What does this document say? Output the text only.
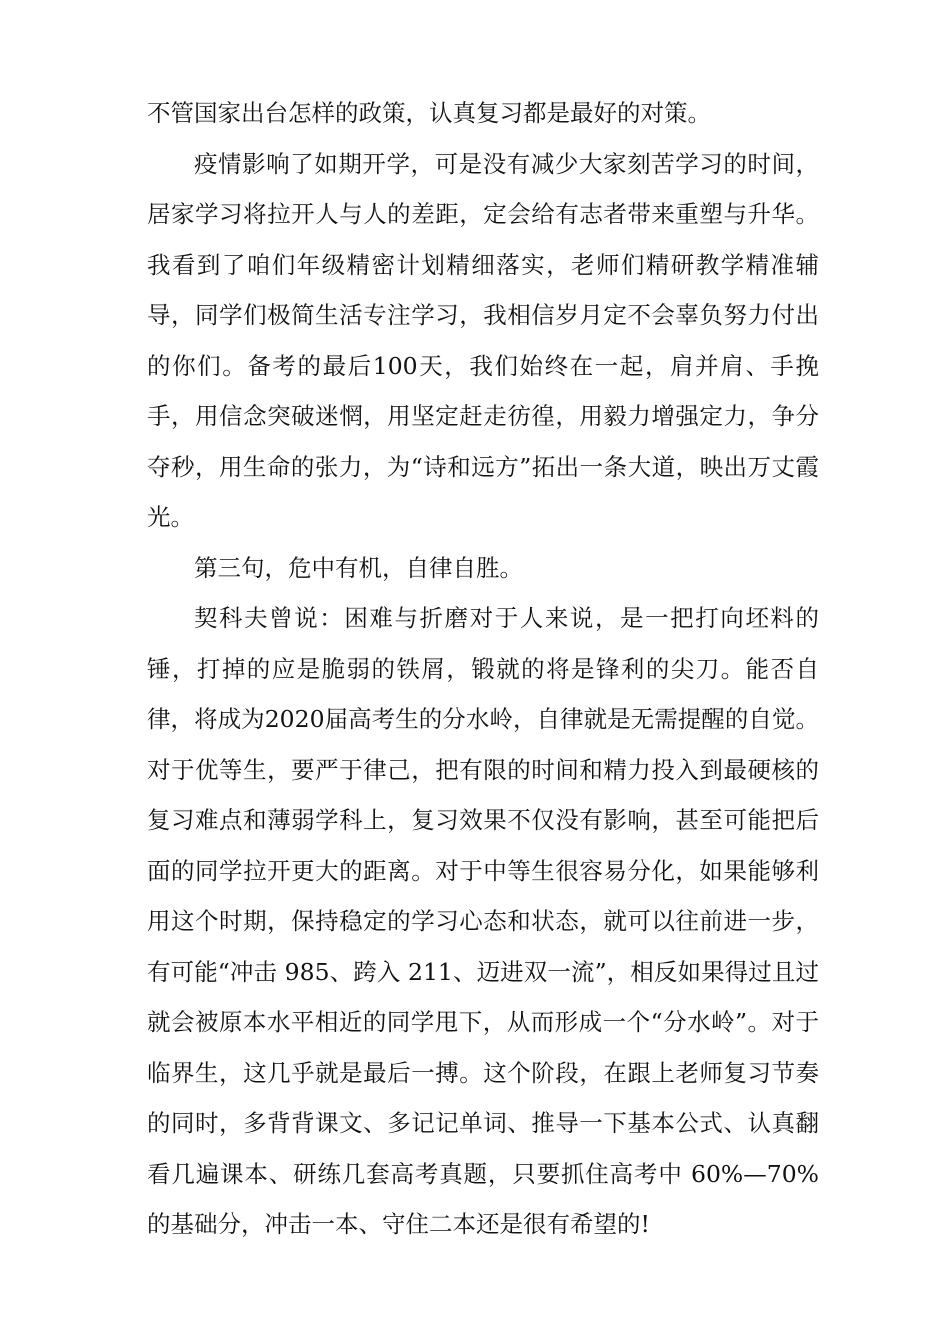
不管国家出台怎样的政策，认真复习都是最好的对策。

疫情影响了如期开学，可是没有减少大家刻苦学习的时间，居家学习将拉开人与人的差距，定会给有志者带来重塑与升华。我看到了咱们年级精密计划精细落实，老师们精研教学精准辅导，同学们极简生活专注学习，我相信岁月定不会辜负努力付出的你们。备考的最后100天，我们始终在一起，肩并肩、手挽手，用信念突破迷惘，用坚定赶走彷徨，用毅力增强定力，争分夺秒，用生命的张力，为“诗和远方”拓出一条大道，映出万丈霞光。

第三句，危中有机，自律自胜。

契科夫曾说：困难与折磨对于人来说，是一把打向坯料的锤，打掉的应是脆弱的铁屑，锻就的将是锋利的尖刀。能否自律，将成为2020届高考生的分水岭，自律就是无需提醒的自觉。对于优等生，要严于律己，把有限的时间和精力投入到最硬核的复习难点和薄弱学科上，复习效果不仅没有影响，甚至可能把后面的同学拉开更大的距离。对于中等生很容易分化，如果能够利用这个时期，保持稳定的学习心态和状态，就可以往前进一步，有可能“冲击 985、跨入 211、迈进双一流”，相反如果得过且过就会被原本水平相近的同学甩下，从而形成一个“分水岭”。对于临界生，这几乎就是最后一搏。这个阶段，在跟上老师复习节奏的同时，多背背课文、多记记单词、推导一下基本公式、认真翻看几遍课本、研练几套高考真题，只要抓住高考中 60%—70%的基础分，冲击一本、守住二本还是很有希望的!
